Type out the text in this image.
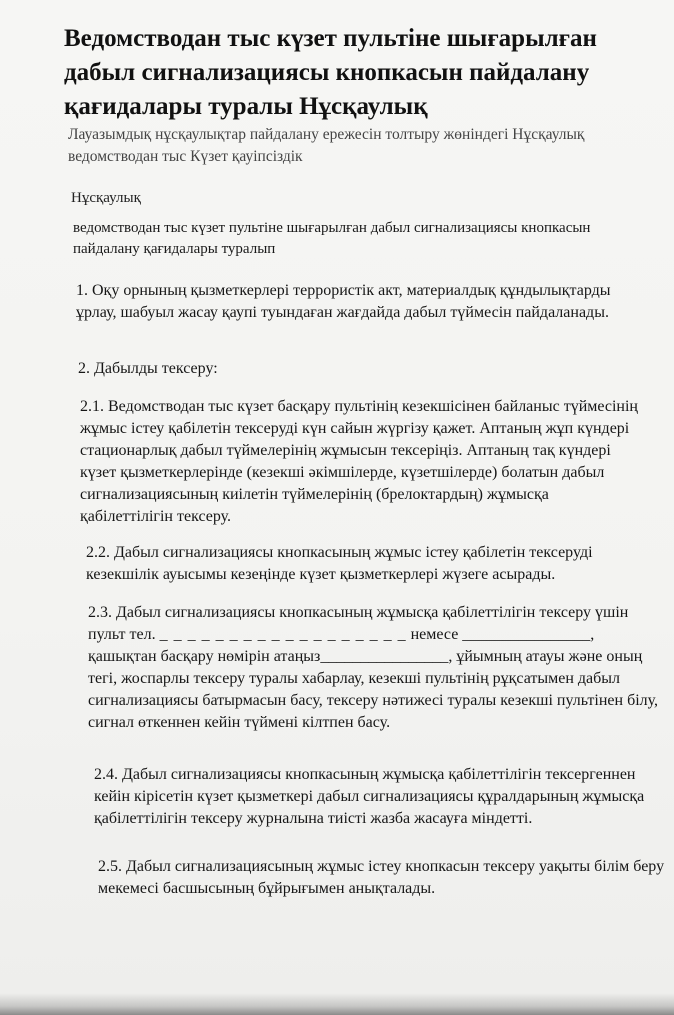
Ведомстводан тыс күзет пультіне шығарылған дабыл сигнализациясы кнопкасын пайдалану қағидалары туралы Нұсқаулық

Лауазымдық нұсқаулықтар пайдалану ережесін толтыру жөніндегі Нұсқаулық ведомстводан тыс Күзет қауіпсіздік

Нұсқаулық

ведомстводан тыс күзет пультіне шығарылған дабыл сигнализациясы кнопкасын пайдалану қағидалары туралып

1. Оқу орнының қызметкерлері террористік акт, материалдық құндылықтарды ұрлау, шабуыл жасау қаупі туындаған жағдайда дабыл түймесін пайдаланады.

2. Дабылды тексеру:

2.1. Ведомстводан тыс күзет басқару пультінің кезекшісінен байланыс түймесінің жұмыс істеу қабілетін тексеруді күн сайын жүргізу қажет. Аптаның жұп күндері стационарлық дабыл түймелерінің жұмысын тексеріңіз. Аптаның тақ күндері күзет қызметкерлерінде (кезекші әкімшілерде, күзетшілерде) болатын дабыл сигнализациясының киілетін түймелерінің (брелоктардың) жұмысқа қабілеттілігін тексеру.

2.2. Дабыл сигнализациясы кнопкасының жұмыс істеу қабілетін тексеруді кезекшілік ауысымы кезеңінде күзет қызметкерлері жүзеге асырады.

2.3. Дабыл сигнализациясы кнопкасының жұмысқа қабілеттілігін тексеру үшін пульт тел. _ _ _ _ _ _ _ _ _ _ _ _ _ _ _ _ _ _ немесе ________________, қашықтан басқару нөмірін атаңыз________________, ұйымның атауы және оның тегі, жоспарлы тексеру туралы хабарлау, кезекші пультінің рұқсатымен дабыл сигнализациясы батырмасын басу, тексеру нәтижесі туралы кезекші пультінен білу, сигнал өткеннен кейін түймені кілтпен басу.

2.4. Дабыл сигнализациясы кнопкасының жұмысқа қабілеттілігін тексергеннен кейін кірісетін күзет қызметкері дабыл сигнализациясы құралдарының жұмысқа қабілеттілігін тексеру журналына тиісті жазба жасауға міндетті.

2.5. Дабыл сигнализациясының жұмыс істеу кнопкасын тексеру уақыты білім беру мекемесі басшысының бұйрығымен анықталады.
